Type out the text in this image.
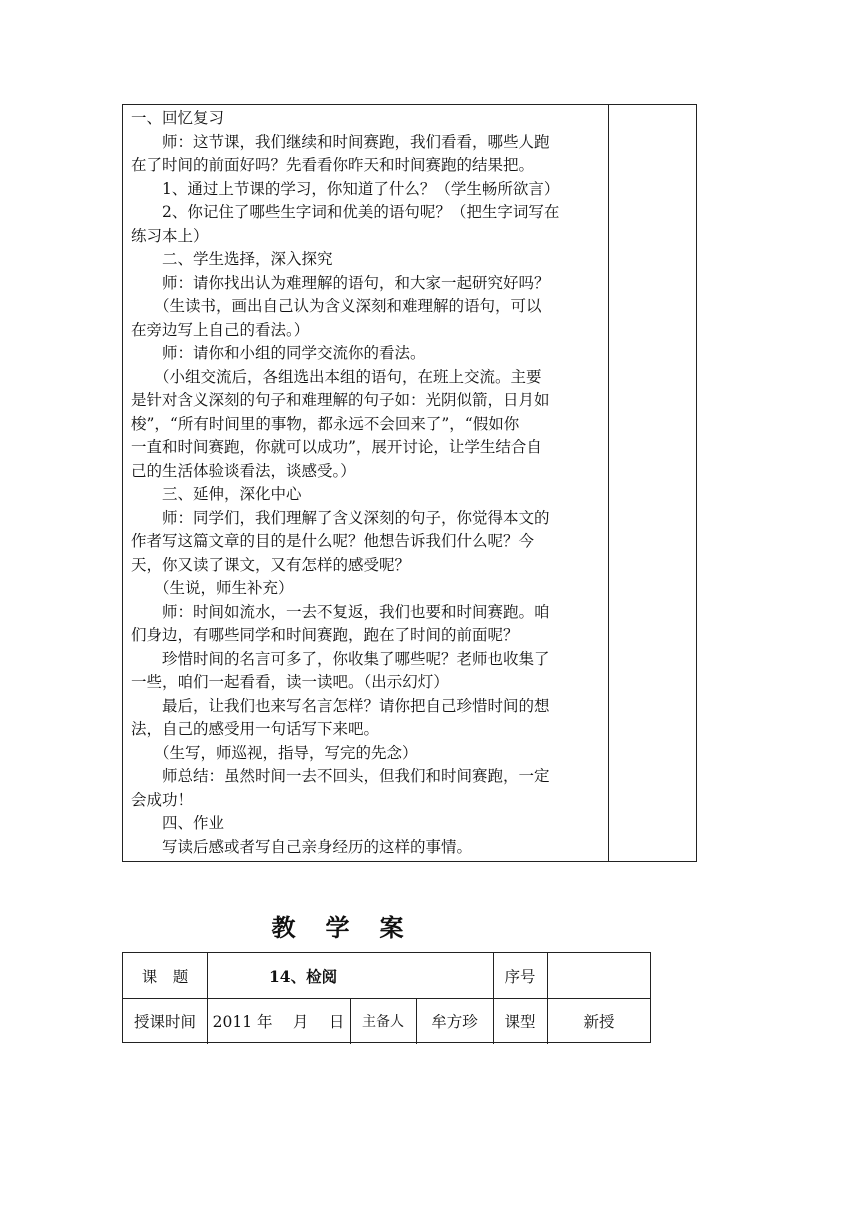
一、回忆复习
师：这节课，我们继续和时间赛跑，我们看看，哪些人跑
在了时间的前面好吗？先看看你昨天和时间赛跑的结果把。
1、通过上节课的学习，你知道了什么？（学生畅所欲言）
2、你记住了哪些生字词和优美的语句呢？（把生字词写在
练习本上）
二、学生选择，深入探究
师：请你找出认为难理解的语句，和大家一起研究好吗？
（生读书，画出自己认为含义深刻和难理解的语句，可以
在旁边写上自己的看法。）
师：请你和小组的同学交流你的看法。
（小组交流后，各组选出本组的语句，在班上交流。主要
是针对含义深刻的句子和难理解的句子如：光阴似箭，日月如
梭”，“所有时间里的事物，都永远不会回来了”，“假如你
一直和时间赛跑，你就可以成功”，展开讨论，让学生结合自
己的生活体验谈看法，谈感受。）
三、延伸，深化中心
师：同学们，我们理解了含义深刻的句子，你觉得本文的
作者写这篇文章的目的是什么呢？他想告诉我们什么呢？今
天，你又读了课文，又有怎样的感受呢？
（生说，师生补充）
师：时间如流水，一去不复返，我们也要和时间赛跑。咱
们身边，有哪些同学和时间赛跑，跑在了时间的前面呢？
珍惜时间的名言可多了，你收集了哪些呢？老师也收集了
一些，咱们一起看看，读一读吧。（出示幻灯）
最后，让我们也来写名言怎样？请你把自己珍惜时间的想
法，自己的感受用一句话写下来吧。
（生写，师巡视，指导，写完的先念）
师总结：虽然时间一去不回头，但我们和时间赛跑，一定
会成功！
四、作业
写读后感或者写自己亲身经历的这样的事情。
教学案
课　题	14、检阅	序号
授课时间	2011 年　 月　 日	主备人	牟方珍	课型	新授
